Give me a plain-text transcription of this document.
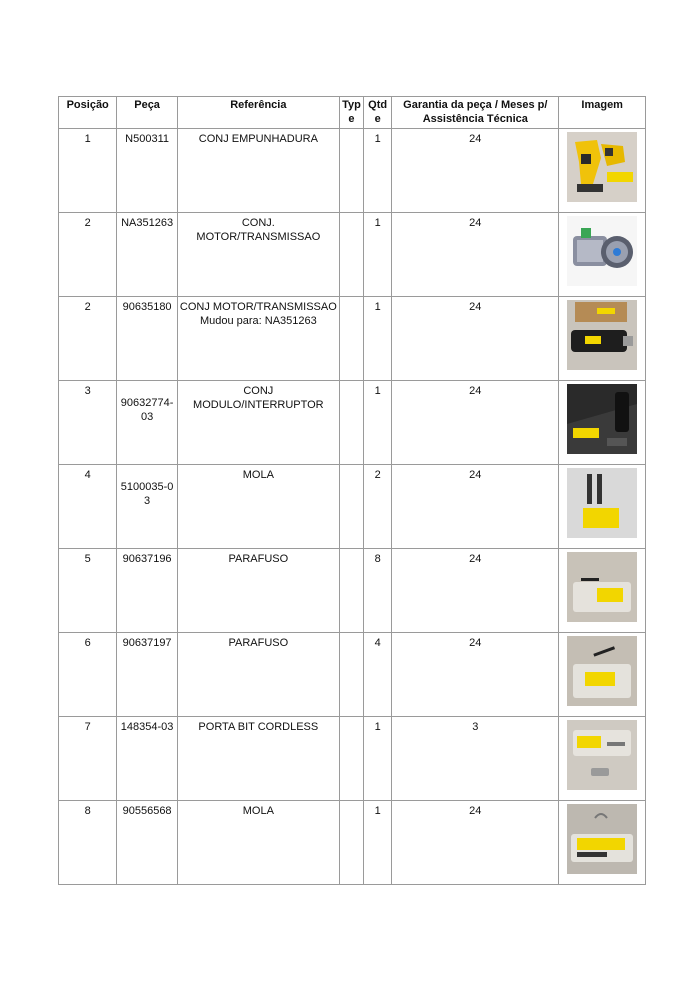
Posição	Peça	Referência	Typ
e	Qtde	Garantia da peça / Meses p/ Assistência Técnica	Imagem
1	N500311	CONJ EMPUNHADURA		1	24	

2	NA351263	CONJ. MOTOR/TRANSMISSAO		1	24	

2	90635180	CONJ MOTOR/TRANSMISSAO
Mudou para: NA351263		1	24	

3	90632774-
03	CONJ
MODULO/INTERRUPTOR		1	24	

4	5100035-0
3	MOLA		2	24	

5	90637196	PARAFUSO		8	24	

6	90637197	PARAFUSO		4	24	

7	148354-03	PORTA BIT CORDLESS		1	3	

8	90556568	MOLA		1	24	
